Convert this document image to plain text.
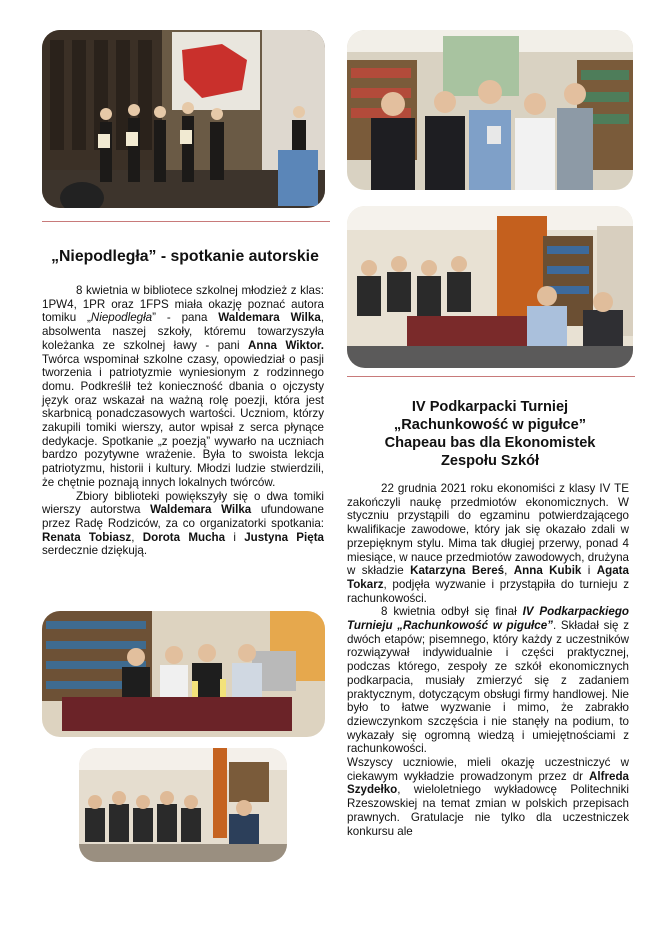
„Niepodległa” - spotkanie autorskie

8 kwietnia w bibliotece szkolnej młodzież z klas: 1PW4, 1PR oraz 1FPS miała okazję poznać autora tomiku „Niepodległa” - pana Waldemara Wilka, absolwenta naszej szkoły, któremu towarzyszyła koleżanka ze szkolnej ławy - pani Anna Wiktor. Twórca wspominał szkolne czasy, opowiedział o pasji tworzenia i patriotyzmie wyniesionym z rodzinnego domu. Podkreślił też konieczność dbania o ojczysty język oraz wskazał na ważną rolę poezji, która jest skarbnicą ponadczasowych wartości. Uczniom, którzy zakupili tomiki wierszy, autor wpisał z serca płynące dedykacje. Spotkanie „z poezją” wywarło na uczniach bardzo pozytywne wrażenie. Była to swoista lekcja patriotyzmu, historii i kultury. Młodzi ludzie stwierdzili, że chętnie poznają innych lokalnych twórców.

Zbiory biblioteki powiększyły się o dwa tomiki wierszy autorstwa Waldemara Wilka ufundowane przez Radę Rodziców, za co organizatorki spotkania: Renata Tobiasz, Dorota Mucha i Justyna Pięta serdecznie dziękują.

IV Podkarpacki Turniej
„Rachunkowość w pigułce”
Chapeau bas dla Ekonomistek
Zespołu Szkół

22 grudnia 2021 roku ekonomiści z klasy IV TE zakończyli naukę przedmiotów ekonomicznych. W styczniu przystąpili do egzaminu potwierdzającego kwalifikacje zawodowe, który jak się okazało zdali w przepięknym stylu. Mima tak długiej przerwy, ponad 4 miesiące, w nauce przedmiotów zawodowych, drużyna w składzie Katarzyna Bereś, Anna Kubik i Agata Tokarz, podjęła wyzwanie i przystąpiła do turnieju z rachunkowości.

8 kwietnia odbył się finał IV Podkarpackiego Turnieju „Rachunkowość w pigułce”. Składał się z dwóch etapów; pisemnego, który każdy z uczestników rozwiązywał indywidualnie i części praktycznej, podczas którego, zespoły ze szkół ekonomicznych podkarpacia, musiały zmierzyć się z zadaniem praktycznym, dotyczącym obsługi firmy handlowej. Nie było to łatwe wyzwanie i mimo, że zabrakło dziewczynkom szczęścia i nie stanęły na podium, to wykazały się ogromną wiedzą i umiejętnościami z rachunkowości.

Wszyscy uczniowie, mieli okazję uczestniczyć w ciekawym wykładzie prowadzonym przez dr Alfreda Szydełko, wieloletniego wykładowcę Politechniki Rzeszowskiej na temat zmian w polskich przepisach prawnych. Gratulacje nie tylko dla uczestniczek konkursu ale
